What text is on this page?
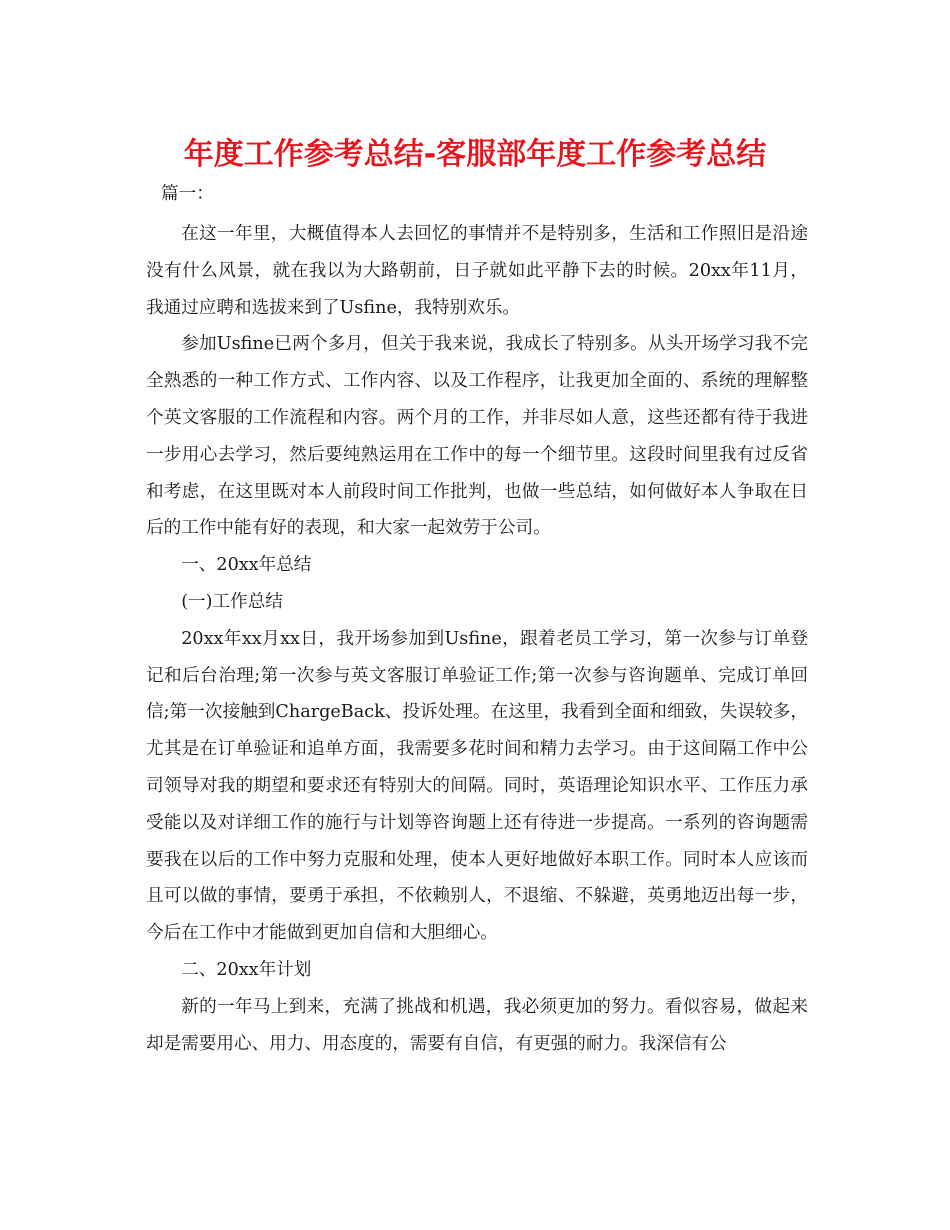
年度工作参考总结-客服部年度工作参考总结

篇一：

在这一年里，大概值得本人去回忆的事情并不是特别多，生活和工作照旧是沿途没有什么风景，就在我以为大路朝前，日子就如此平静下去的时候。20xx年11月，我通过应聘和选拔来到了Usfine，我特别欢乐。

参加Usfine已两个多月，但关于我来说，我成长了特别多。从头开场学习我不完全熟悉的一种工作方式、工作内容、以及工作程序，让我更加全面的、系统的理解整个英文客服的工作流程和内容。两个月的工作，并非尽如人意，这些还都有待于我进一步用心去学习，然后要纯熟运用在工作中的每一个细节里。这段时间里我有过反省和考虑，在这里既对本人前段时间工作批判，也做一些总结，如何做好本人争取在日后的工作中能有好的表现，和大家一起效劳于公司。

一、20xx年总结

(一)工作总结

20xx年xx月xx日，我开场参加到Usfine，跟着老员工学习，第一次参与订单登记和后台治理;第一次参与英文客服订单验证工作;第一次参与咨询题单、完成订单回信;第一次接触到ChargeBack、投诉处理。在这里，我看到全面和细致，失误较多，尤其是在订单验证和追单方面，我需要多花时间和精力去学习。由于这间隔工作中公司领导对我的期望和要求还有特别大的间隔。同时，英语理论知识水平、工作压力承受能以及对详细工作的施行与计划等咨询题上还有待进一步提高。一系列的咨询题需要我在以后的工作中努力克服和处理，使本人更好地做好本职工作。同时本人应该而且可以做的事情，要勇于承担，不依赖别人，不退缩、不躲避，英勇地迈出每一步，今后在工作中才能做到更加自信和大胆细心。

二、20xx年计划

新的一年马上到来，充满了挑战和机遇，我必须更加的努力。看似容易，做起来却是需要用心、用力、用态度的，需要有自信，有更强的耐力。我深信有公
